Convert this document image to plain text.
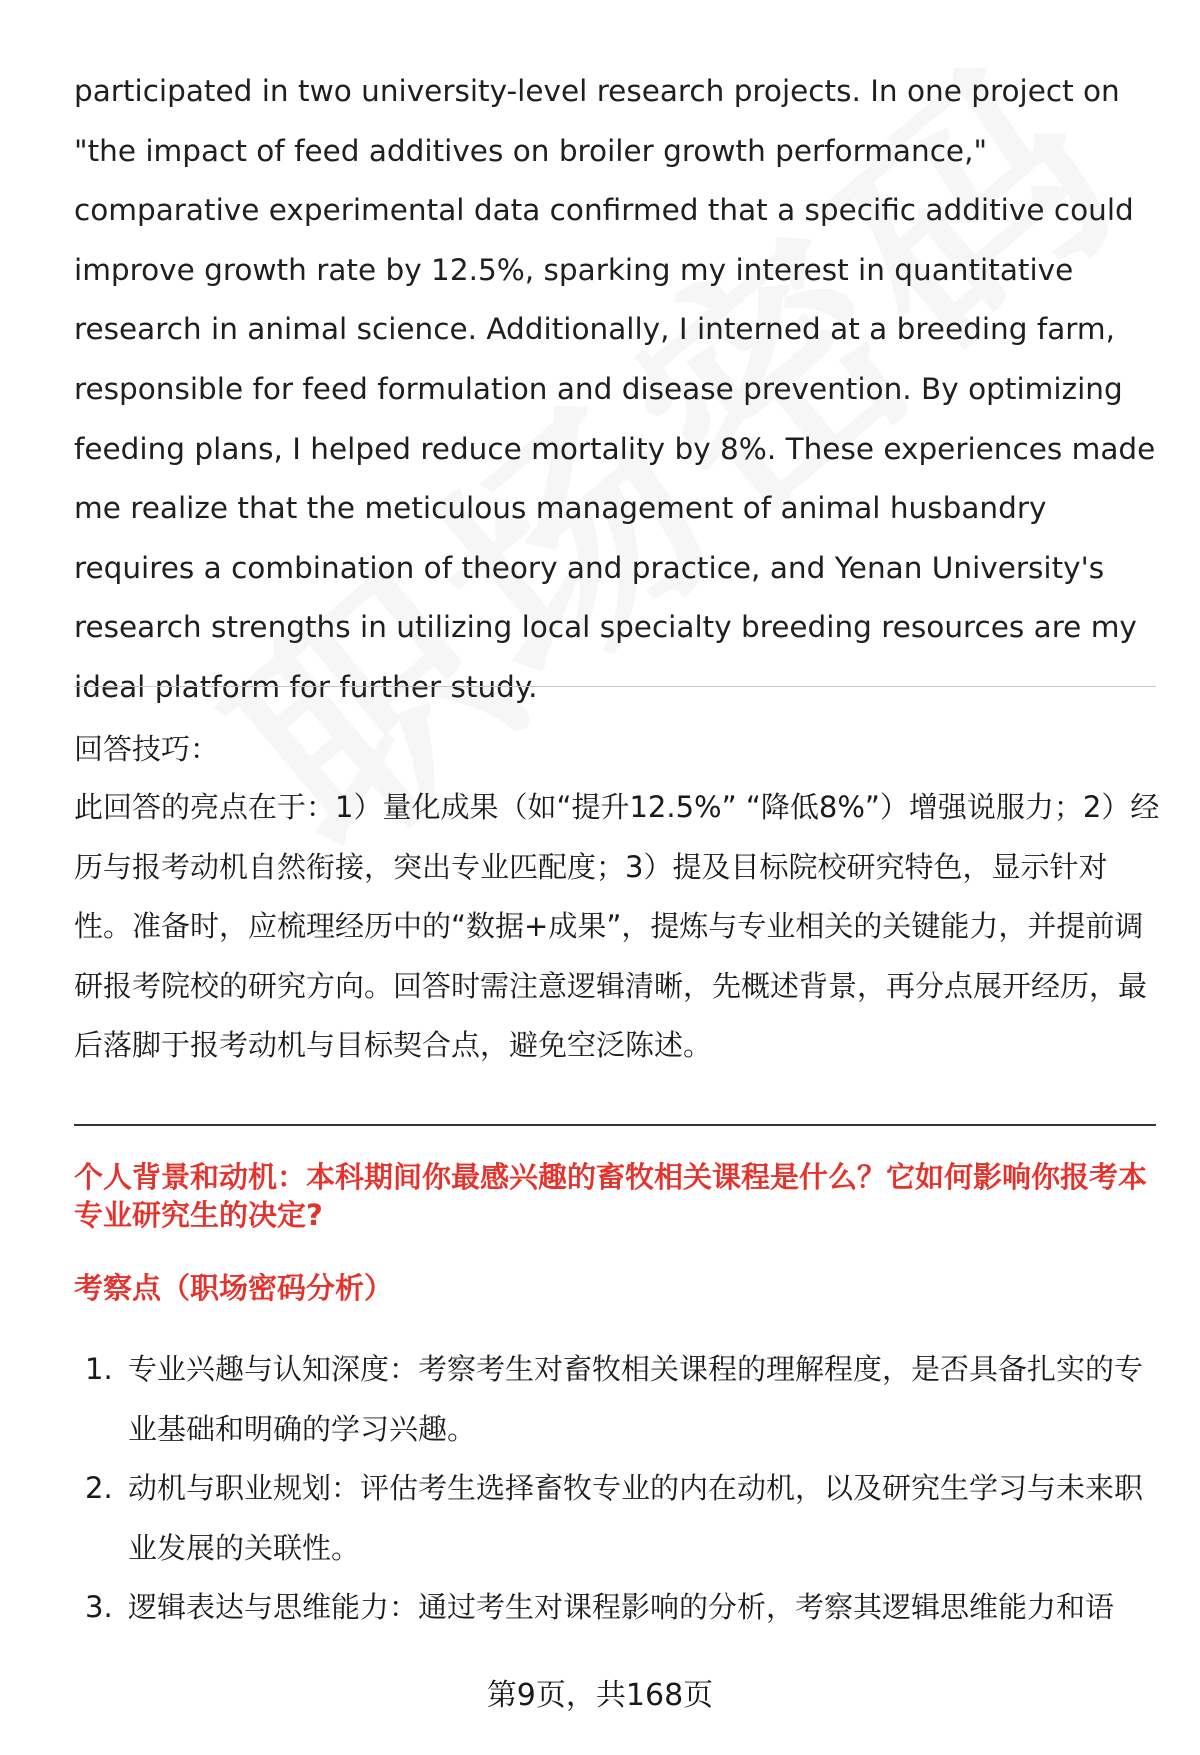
participated in two university-level research projects. In one project on "the impact of feed additives on broiler growth performance," comparative experimental data confirmed that a specific additive could improve growth rate by 12.5%, sparking my interest in quantitative research in animal science. Additionally, I interned at a breeding farm, responsible for feed formulation and disease prevention. By optimizing feeding plans, I helped reduce mortality by 8%. These experiences made me realize that the meticulous management of animal husbandry requires a combination of theory and practice, and Yenan University's research strengths in utilizing local specialty breeding resources are my ideal platform for further study.

回答技巧：

此回答的亮点在于：1）量化成果（如“提升12.5%” “降低8%”）增强说服力；2）经历与报考动机自然衔接，突出专业匹配度；3）提及目标院校研究特色，显示针对性。准备时，应梳理经历中的“数据+成果”，提炼与专业相关的关键能力，并提前调研报考院校的研究方向。回答时需注意逻辑清晰，先概述背景，再分点展开经历，最后落脚于报考动机与目标契合点，避免空泛陈述。

个人背景和动机：本科期间你最感兴趣的畜牧相关课程是什么？它如何影响你报考本专业研究生的决定?

考察点（职场密码分析）

1. 专业兴趣与认知深度：考察考生对畜牧相关课程的理解程度，是否具备扎实的专业基础和明确的学习兴趣。
2. 动机与职业规划：评估考生选择畜牧专业的内在动机，以及研究生学习与未来职业发展的关联性。
3. 逻辑表达与思维能力：通过考生对课程影响的分析，考察其逻辑思维能力和语
第9页，共168页
